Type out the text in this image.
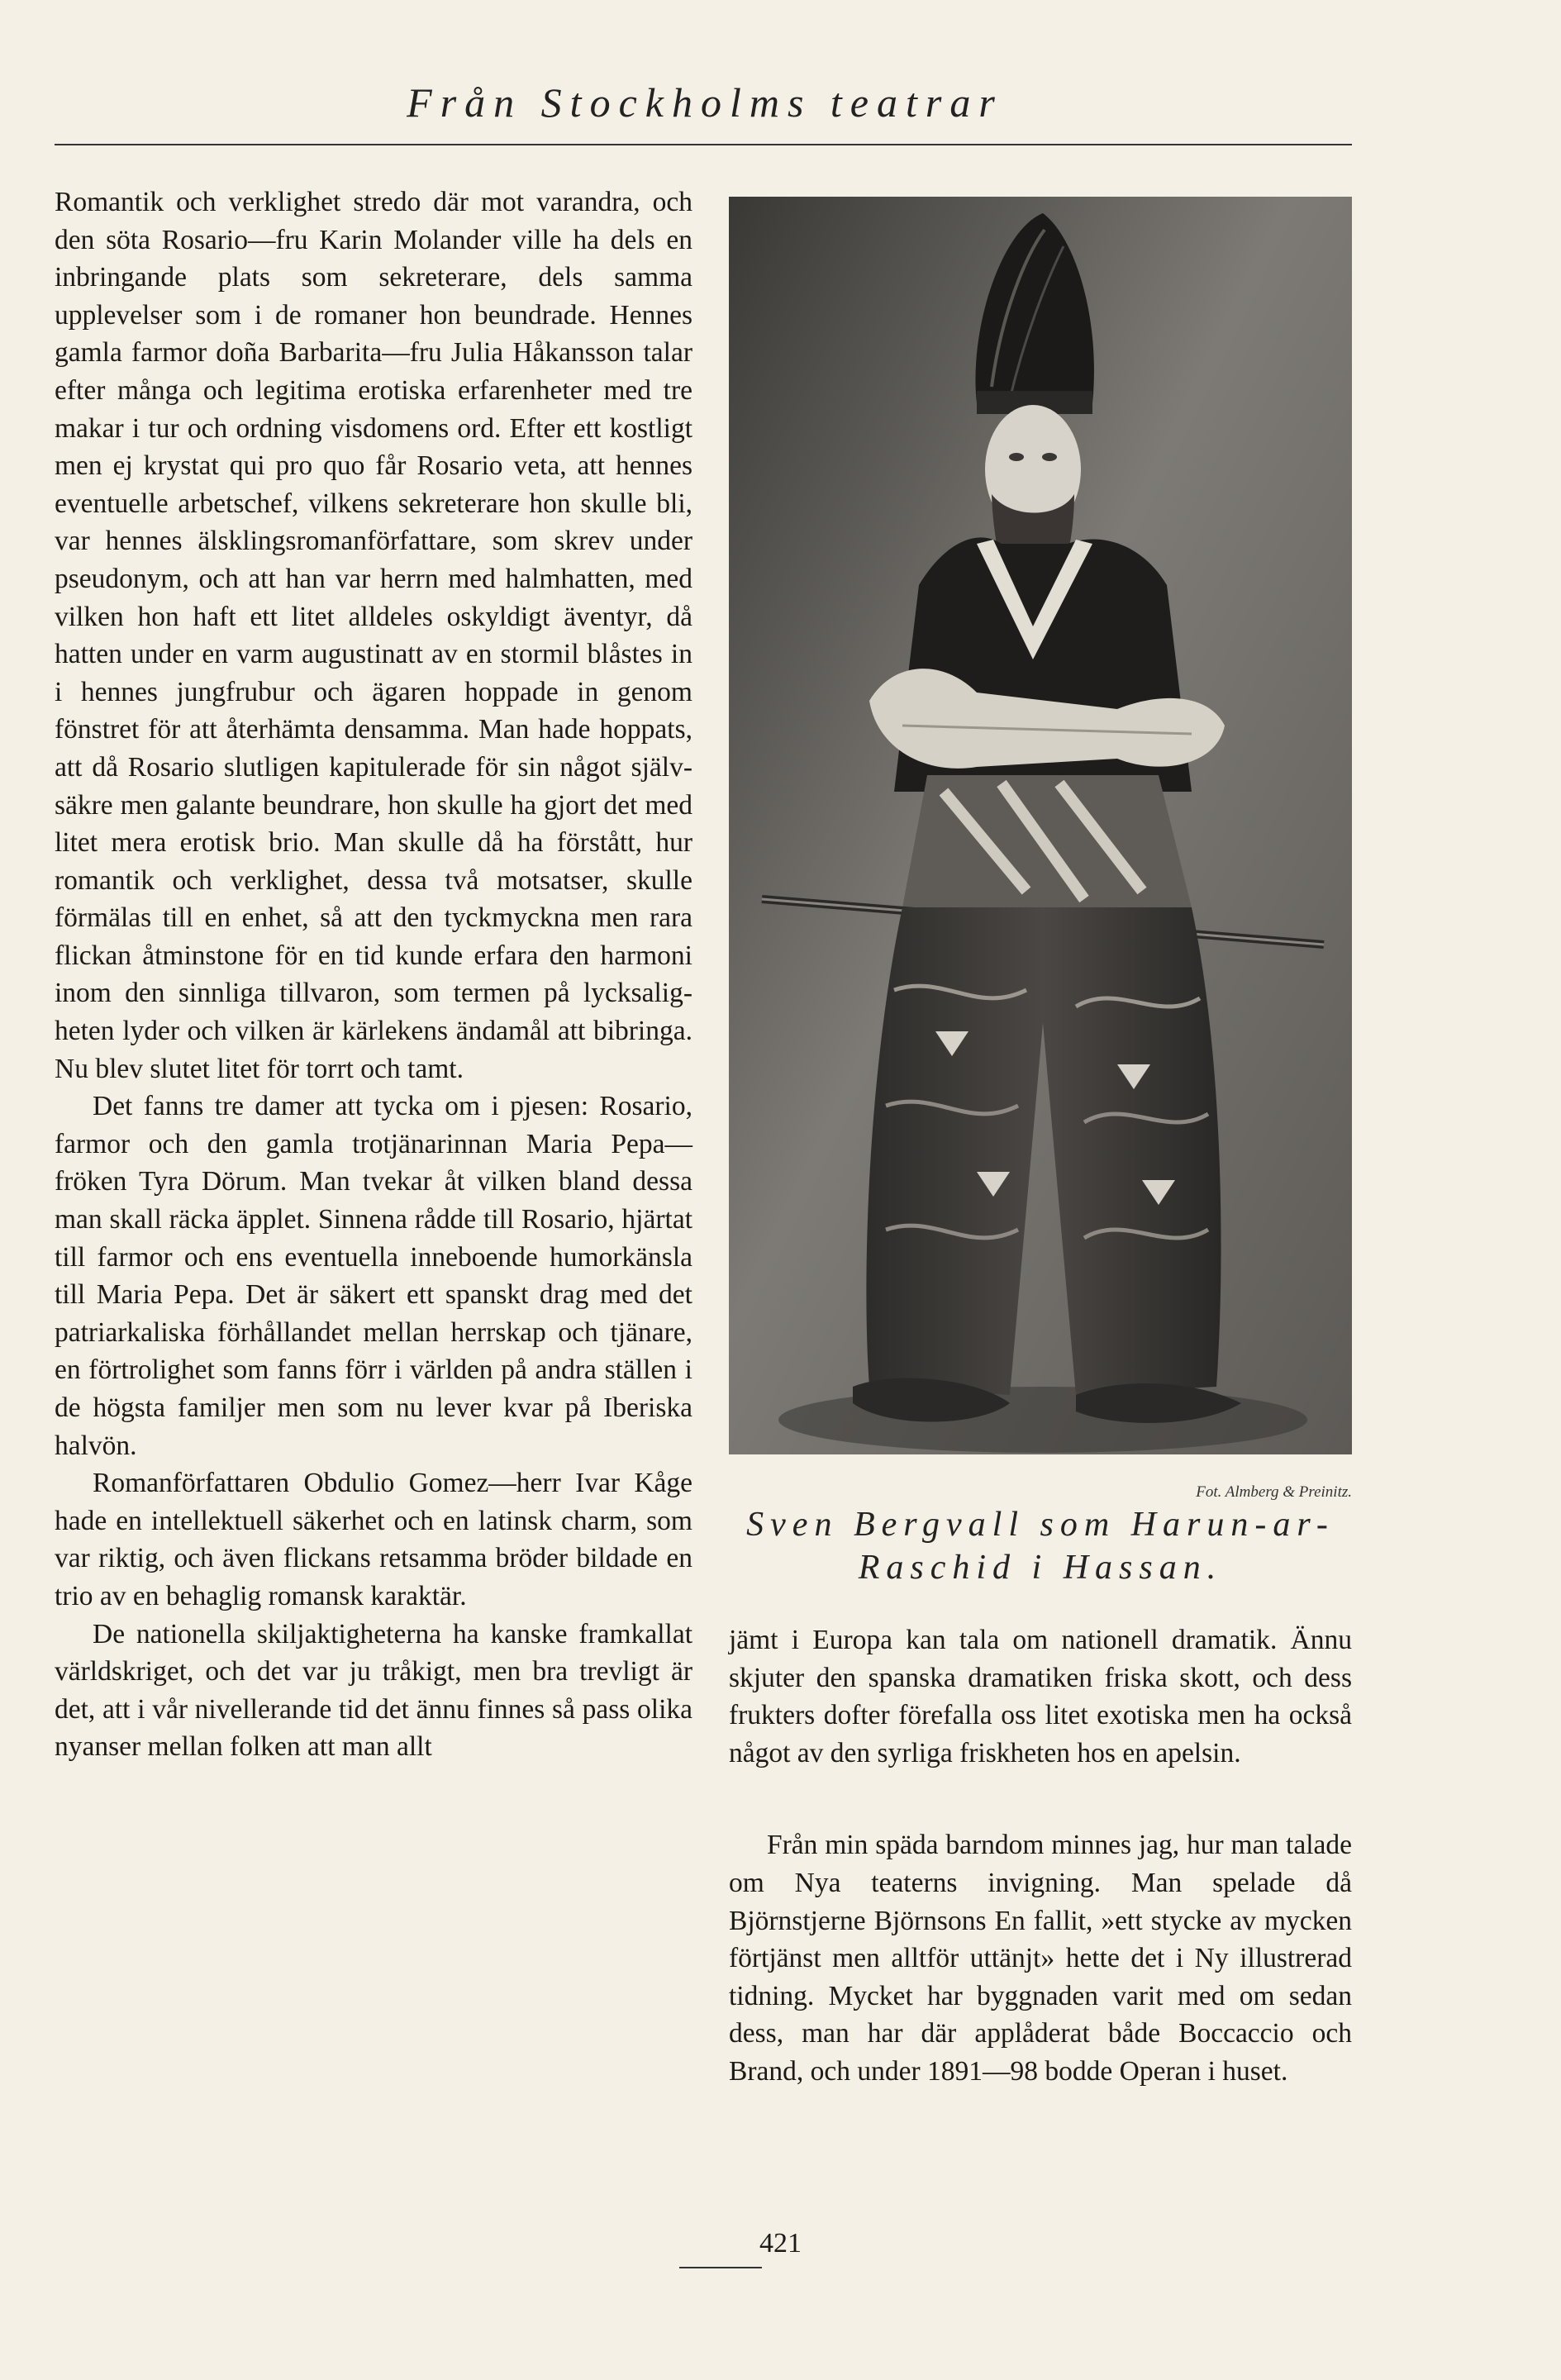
Från Stockholms teatrar

Romantik och verklighet stredo där mot varandra, och den söta Rosario—fru Karin Molander ville ha dels en inbringande plats som sekreterare, dels samma upplevelser som i de romaner hon beundrade. Hennes gamla farmor doña Barbarita—fru Julia Håkansson talar efter många och legitima erotiska erfarenheter med tre makar i tur och ordning visdomens ord. Efter ett kostligt men ej krystat qui pro quo får Rosario veta, att hennes eventuelle arbetschef, vilkens sekreterare hon skulle bli, var hennes älsklingsromanförfattare, som skrev under pseudonym, och att han var herrn med halmhatten, med vilken hon haft ett litet alldeles oskyldigt äventyr, då hatten under en varm augustinatt av en stormil blåstes in i hennes jungfrubur och ägaren hoppade in genom fönstret för att återhämta densamma. Man hade hoppats, att då Rosario slutligen kapitulerade för sin något självsäkre men galante beundrare, hon skulle ha gjort det med litet mera erotisk brio. Man skulle då ha förstått, hur romantik och verklighet, dessa två motsatser, skulle förmälas till en enhet, så att den tyckmyckna men rara flickan åtminstone för en tid kunde erfara den harmoni inom den sinnliga tillvaron, som termen på lycksaligheten lyder och vilken är kärlekens ändamål att bibringa. Nu blev slutet litet för torrt och tamt.

Det fanns tre damer att tycka om i pjesen: Rosario, farmor och den gamla trotjänarinnan Maria Pepa—fröken Tyra Dörum. Man tvekar åt vilken bland dessa man skall räcka äpplet. Sinnena rådde till Rosario, hjärtat till farmor och ens eventuella inneboende humorkänsla till Maria Pepa. Det är säkert ett spanskt drag med det patriarkaliska förhållandet mellan herrskap och tjänare, en förtrolighet som fanns förr i världen på andra ställen i de högsta familjer men som nu lever kvar på Iberiska halvön.

Romanförfattaren Obdulio Gomez—herr Ivar Kåge hade en intellektuell säkerhet och en latinsk charm, som var riktig, och även flickans retsamma bröder bildade en trio av en behaglig romansk karaktär.

De nationella skiljaktigheterna ha kanske framkallat världskriget, och det var ju tråkigt, men bra trevligt är det, att i vår nivellerande tid det ännu finnes så pass olika nyanser mellan folken att man allt

Fot. Almberg & Preinitz.
Sven Bergvall som Harun-ar-Raschid i Hassan.

jämt i Europa kan tala om nationell dramatik. Ännu skjuter den spanska dramatiken friska skott, och dess frukters dofter förefalla oss litet exotiska men ha också något av den syrliga friskheten hos en apelsin.

Från min späda barndom minnes jag, hur man talade om Nya teaterns invigning. Man spelade då Björnstjerne Björnsons En fallit, »ett stycke av mycken förtjänst men alltför uttänjt» hette det i Ny illustrerad tidning. Mycket har byggnaden varit med om sedan dess, man har där applåderat både Boccaccio och Brand, och under 1891—98 bodde Operan i huset.

421
